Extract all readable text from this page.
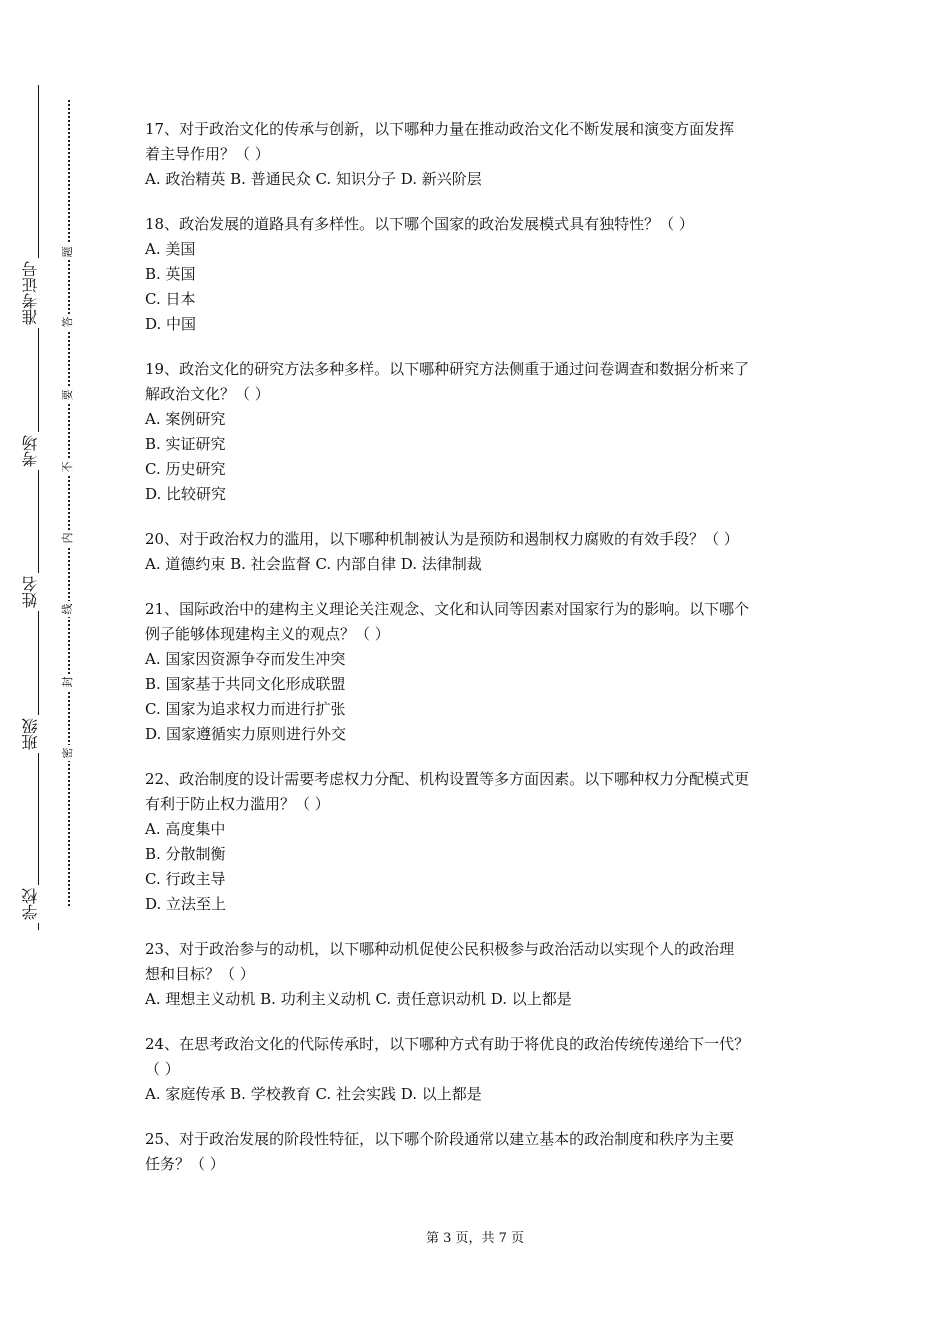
准考证号
考场
姓名
班级
学校
题
答
要
不
内
线
封
密
17、对于政治文化的传承与创新，以下哪种力量在推动政治文化不断发展和演变方面发挥
着主导作用？（ ）
A. 政治精英 B. 普通民众 C. 知识分子 D. 新兴阶层
18、政治发展的道路具有多样性。以下哪个国家的政治发展模式具有独特性？（ ）
A. 美国
B. 英国
C. 日本
D. 中国
19、政治文化的研究方法多种多样。以下哪种研究方法侧重于通过问卷调查和数据分析来了
解政治文化？（ ）
A. 案例研究
B. 实证研究
C. 历史研究
D. 比较研究
20、对于政治权力的滥用，以下哪种机制被认为是预防和遏制权力腐败的有效手段？（ ）
A. 道德约束 B. 社会监督 C. 内部自律 D. 法律制裁
21、国际政治中的建构主义理论关注观念、文化和认同等因素对国家行为的影响。以下哪个
例子能够体现建构主义的观点？（ ）
A. 国家因资源争夺而发生冲突
B. 国家基于共同文化形成联盟
C. 国家为追求权力而进行扩张
D. 国家遵循实力原则进行外交
22、政治制度的设计需要考虑权力分配、机构设置等多方面因素。以下哪种权力分配模式更
有利于防止权力滥用？（ ）
A. 高度集中
B. 分散制衡
C. 行政主导
D. 立法至上
23、对于政治参与的动机，以下哪种动机促使公民积极参与政治活动以实现个人的政治理
想和目标？（ ）
A. 理想主义动机 B. 功利主义动机 C. 责任意识动机 D. 以上都是
24、在思考政治文化的代际传承时，以下哪种方式有助于将优良的政治传统传递给下一代？
（ ）
A. 家庭传承 B. 学校教育 C. 社会实践 D. 以上都是
25、对于政治发展的阶段性特征，以下哪个阶段通常以建立基本的政治制度和秩序为主要
任务？（ ）
第 3 页，共 7 页
